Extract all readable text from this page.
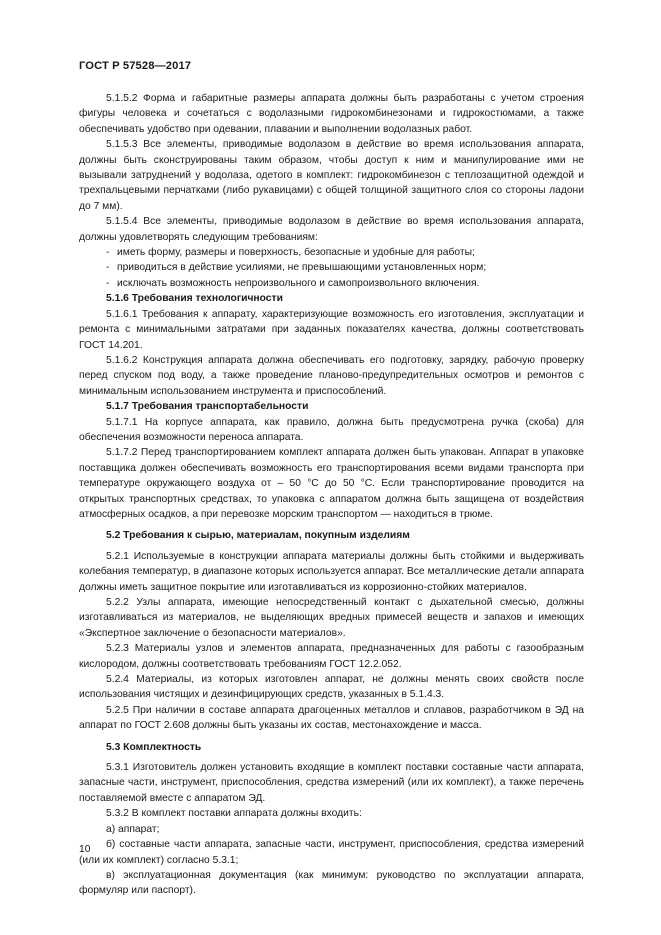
ГОСТ Р 57528—2017

5.1.5.2 Форма и габаритные размеры аппарата должны быть разработаны с учетом строения фигуры человека и сочетаться с водолазными гидрокомбинезонами и гидрокостюмами, а также обеспечивать удобство при одевании, плавании и выполнении водолазных работ.

5.1.5.3 Все элементы, приводимые водолазом в действие во время использования аппарата, должны быть сконструированы таким образом, чтобы доступ к ним и манипулирование ими не вызывали затруднений у водолаза, одетого в комплект: гидрокомбинезон с теплозащитной одеждой и трехпальцевыми перчатками (либо рукавицами) с общей толщиной защитного слоя со стороны ладони до 7 мм).

5.1.5.4 Все элементы, приводимые водолазом в действие во время использования аппарата, должны удовлетворять следующим требованиям:

- иметь форму, размеры и поверхность, безопасные и удобные для работы;

- приводиться в действие усилиями, не превышающими установленных норм;

- исключать возможность непроизвольного и самопроизвольного включения.

5.1.6 Требования технологичности

5.1.6.1 Требования к аппарату, характеризующие возможность его изготовления, эксплуатации и ремонта с минимальными затратами при заданных показателях качества, должны соответствовать ГОСТ 14.201.

5.1.6.2 Конструкция аппарата должна обеспечивать его подготовку, зарядку, рабочую проверку перед спуском под воду, а также проведение планово-предупредительных осмотров и ремонтов с минимальным использованием инструмента и приспособлений.

5.1.7 Требования транспортабельности

5.1.7.1 На корпусе аппарата, как правило, должна быть предусмотрена ручка (скоба) для обеспечения возможности переноса аппарата.

5.1.7.2 Перед транспортированием комплект аппарата должен быть упакован. Аппарат в упаковке поставщика должен обеспечивать возможность его транспортирования всеми видами транспорта при температуре окружающего воздуха от – 50 °С до 50 °С. Если транспортирование проводится на открытых транспортных средствах, то упаковка с аппаратом должна быть защищена от воздействия атмосферных осадков, а при перевозке морским транспортом — находиться в трюме.

5.2 Требования к сырью, материалам, покупным изделиям

5.2.1 Используемые в конструкции аппарата материалы должны быть стойкими и выдерживать колебания температур, в диапазоне которых используется аппарат. Все металлические детали аппарата должны иметь защитное покрытие или изготавливаться из коррозионно-стойких материалов.

5.2.2 Узлы аппарата, имеющие непосредственный контакт с дыхательной смесью, должны изготавливаться из материалов, не выделяющих вредных примесей веществ и запахов и имеющих «Экспертное заключение о безопасности материалов».

5.2.3 Материалы узлов и элементов аппарата, предназначенных для работы с газообразным кислородом, должны соответствовать требованиям ГОСТ 12.2.052.

5.2.4 Материалы, из которых изготовлен аппарат, не должны менять своих свойств после использования чистящих и дезинфицирующих средств, указанных в 5.1.4.3.

5.2.5 При наличии в составе аппарата драгоценных металлов и сплавов, разработчиком в ЭД на аппарат по ГОСТ 2.608 должны быть указаны их состав, местонахождение и масса.

5.3 Комплектность

5.3.1 Изготовитель должен установить входящие в комплект поставки составные части аппарата, запасные части, инструмент, приспособления, средства измерений (или их комплект), а также перечень поставляемой вместе с аппаратом ЭД.

5.3.2 В комплект поставки аппарата должны входить:

а) аппарат;

б) составные части аппарата, запасные части, инструмент, приспособления, средства измерений (или их комплект) согласно 5.3.1;

в) эксплуатационная документация (как минимум: руководство по эксплуатации аппарата, формуляр или паспорт).

10
